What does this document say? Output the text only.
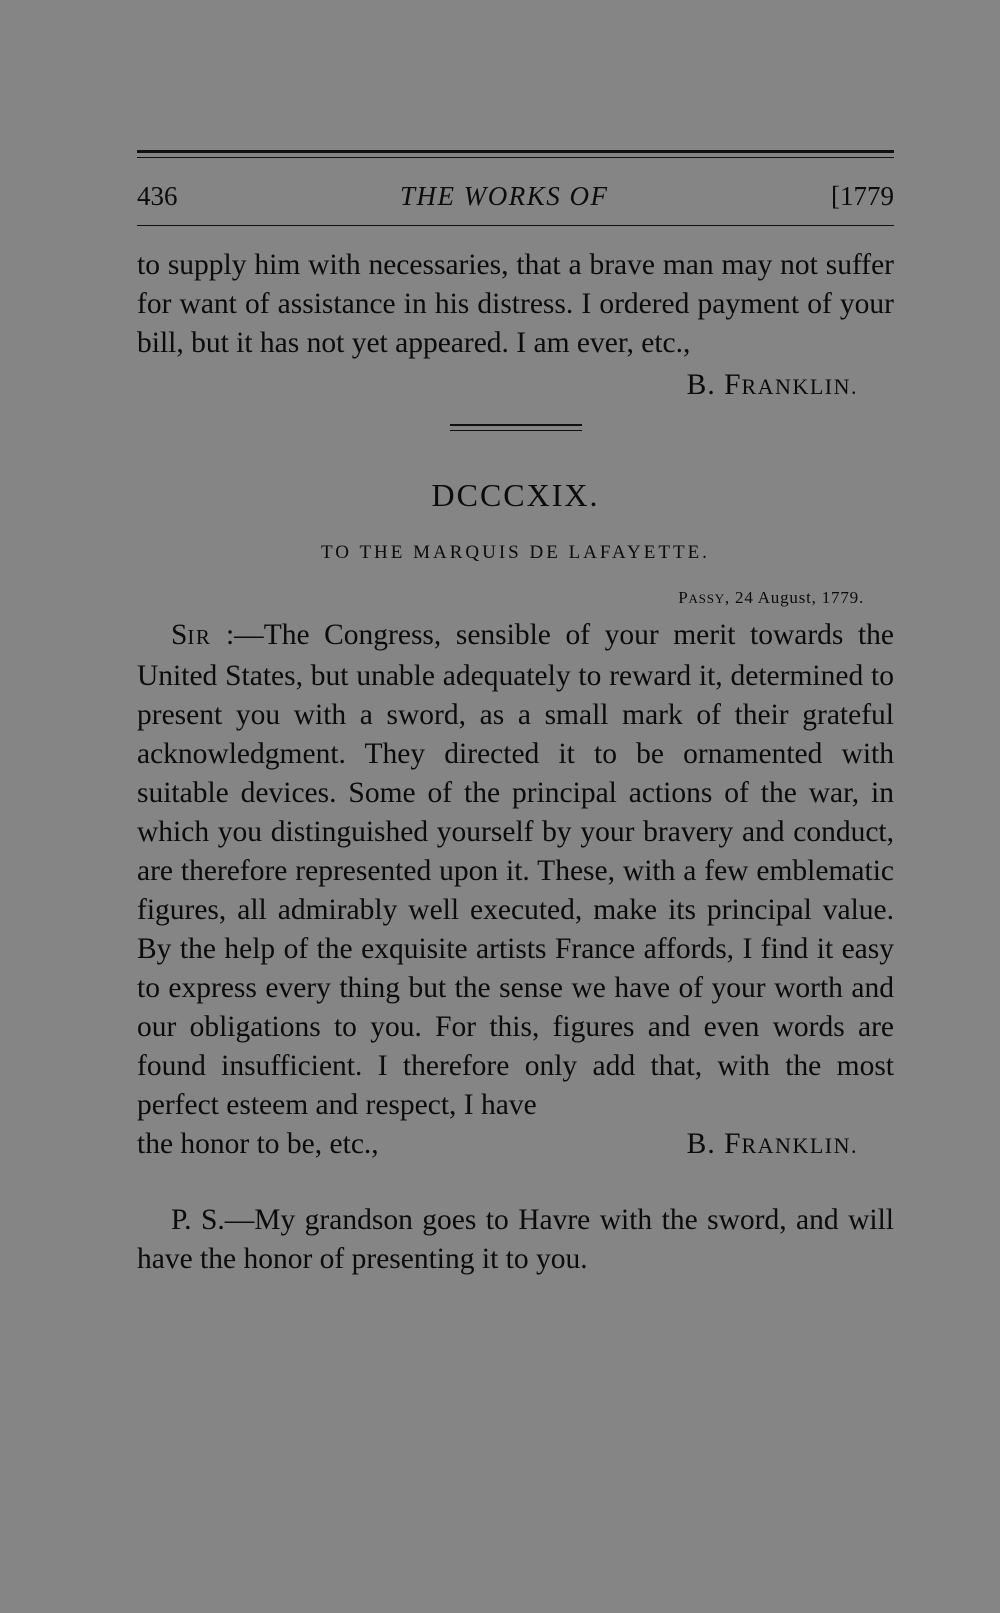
436	THE WORKS OF	[1779

to supply him with necessaries, that a brave man may not suffer for want of assistance in his distress. I ordered payment of your bill, but it has not yet appeared. I am ever, etc.,

B. FRANKLIN.
DCCCXIX.
TO THE MARQUIS DE LAFAYETTE.
PASSY, 24 August, 1779.

SIR :—The Congress, sensible of your merit towards the United States, but unable adequately to reward it, determined to present you with a sword, as a small mark of their grateful acknowledgment. They directed it to be ornamented with suitable devices. Some of the principal actions of the war, in which you distinguished yourself by your bravery and conduct, are therefore represented upon it. These, with a few emblematic figures, all admirably well executed, make its principal value. By the help of the exquisite artists France affords, I find it easy to express every thing but the sense we have of your worth and our obligations to you. For this, figures and even words are found insufficient. I therefore only add that, with the most perfect esteem and respect, I have

the honor to be, etc.,	B. FRANKLIN.

P. S.—My grandson goes to Havre with the sword, and will have the honor of presenting it to you.
